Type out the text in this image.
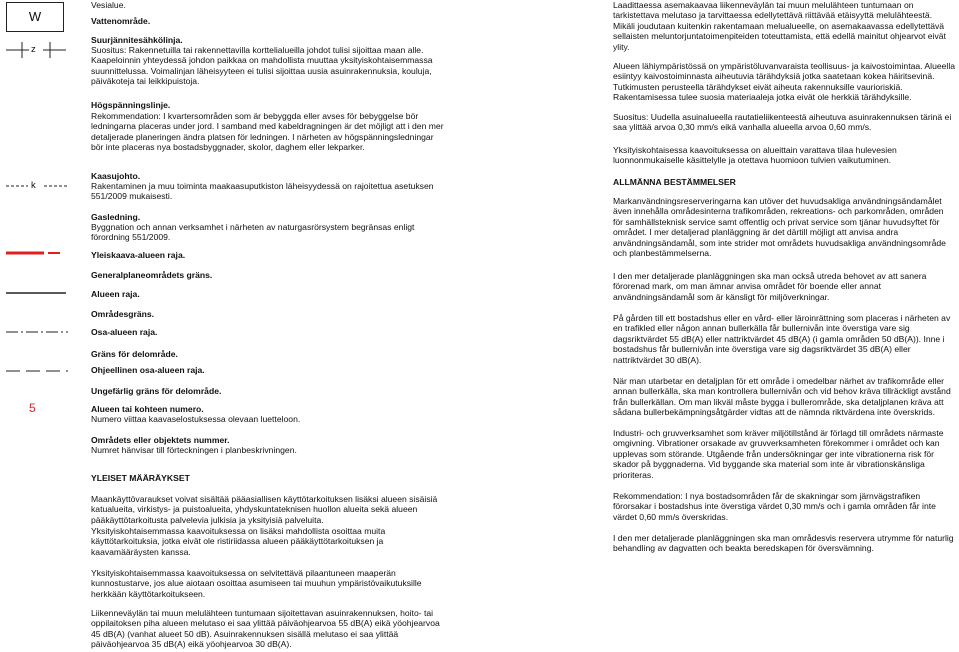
W
z
k
5

Vesialue.

Vattenområde.

Suurjännitesähkölinja.

Suositus: Rakennetuilla tai rakennettavilla korttelialueilla johdot tulisi sijoittaa maan alle. Kaapeloinnin yhteydessä johdon paikkaa on mahdollista muuttaa yksityiskohtaisemmassa suunnittelussa. Voimalinjan läheisyyteen ei tulisi sijoittaa uusia asuinrakennuksia, kouluja, päiväkoteja tai leikkipuistoja.

Högspänningslinje.

Rekommendation: I kvartersområden som är bebyggda eller avses för bebyggelse bör ledningarna placeras under jord. I samband med kabeldragningen är det möjligt att i den mer detaljerade planeringen ändra platsen för ledningen. I närheten av högspänningsledningar bör inte placeras nya bostadsbyggnader, skolor, daghem eller lekparker.

Kaasujohto.

Rakentaminen ja muu toiminta maakaasuputkiston läheisyydessä on rajoitettua asetuksen 551/2009 mukaisesti.

Gasledning.

Byggnation och annan verksamhet i närheten av naturgasrörsystem begränsas enligt förordning 551/2009.

Yleiskaava-alueen raja.

Generalplaneområdets gräns.

Alueen raja.

Områdesgräns.

Osa-alueen raja.

Gräns för delområde.

Ohjeellinen osa-alueen raja.

Ungefärlig gräns för delområde.

Alueen tai kohteen numero.

Numero viittaa kaavaselostuksessa olevaan luetteloon.

Områdets eller objektets nummer.

Numret hänvisar till förteckningen i planbeskrivningen.

YLEISET MÄÄRÄYKSET

Maankäyttövaraukset voivat sisältää pääasiallisen käyttötarkoituksen lisäksi alueen sisäisiä katualueita, virkistys- ja puistoalueita, yhdyskuntateknisen huollon alueita sekä alueen pääkäyttötarkoitusta palvelevia julkisia ja yksityisiä palveluita.

Yksityiskohtaisemmassa kaavoituksessa on lisäksi mahdollista osoittaa muita käyttötarkoituksia, jotka eivät ole ristiriidassa alueen pääkäyttötarkoituksen ja kaavamääräysten kanssa.

Yksityiskohtaisemmassa kaavoituksessa on selvitettävä pilaantuneen maaperän kunnostustarve, jos alue aiotaan osoittaa asumiseen tai muuhun ympäristövaikutuksille herkkään käyttötarkoitukseen.

Liikenneväylän tai muun melulähteen tuntumaan sijoitettavan asuinrakennuksen, hoito- tai oppilaitoksen piha alueen melutaso ei saa ylittää päiväohjearvoa 55 dB(A) eikä yöohjearvoa 45 dB(A) (vanhat alueet 50 dB). Asuinrakennuksen sisällä melutaso ei saa ylittää päiväohjearvoa 35 dB(A) eikä yöohjearvoa 30 dB(A).

Laadittaessa asemakaavaa liikenneväylän tai muun melulähteen tuntumaan on tarkistettava melutaso ja tarvittaessa edellytettävä riittävää etäisyyttä melulähteestä. Mikäli joudutaan kuitenkin rakentamaan melualueelle, on asemakaavassa edellytettävä sellaisten meluntorjuntatoimenpiteiden toteuttamista, että edellä mainitut ohjearvot eivät ylity.

Alueen lähiympäristössä on ympäristöluvanvaraista teollisuus- ja kaivostoimintaa. Alueella esiintyy kaivostoiminnasta aiheutuvia tärähdyksiä jotka saatetaan kokea häiritsevinä. Tutkimusten perusteella tärähdykset eivät aiheuta rakennuksille vaurioriskiä. Rakentamisessa tulee suosia materiaaleja jotka eivät ole herkkiä tärähdyksille.

Suositus: Uudella asuinalueella rautatieliikenteestä aiheutuva asuinrakennuksen tärinä ei saa ylittää arvoa 0,30 mm/s eikä vanhalla alueella arvoa 0,60 mm/s.

Yksityiskohtaisessa kaavoituksessa on alueittain varattava tilaa hulevesien luonnonmukaiselle käsittelylle ja otettava huomioon tulvien vaikutuminen.

ALLMÄNNA BESTÄMMELSER

Markanvändningsreserveringarna kan utöver det huvudsakliga användningsändamålet även innehålla områdesinterna trafikområden, rekreations- och parkområden, områden för samhällsteknisk service samt offentlig och privat service som tjänar huvudsyftet för området. I mer detaljerad planläggning är det därtill möjligt att anvisa andra användningsändamål, som inte strider mot områdets huvudsakliga användningsområde och planbestämmelserna.

I den mer detaljerade planläggningen ska man också utreda behovet av att sanera förorenad mark, om man ämnar anvisa området för boende eller annat användningsändamål som är känsligt för miljöverkningar.

På gården till ett bostadshus eller en vård- eller läroinrättning som placeras i närheten av en trafikled eller någon annan bullerkälla får bullernivån inte överstiga vare sig dagsriktvärdet 55 dB(A) eller nattriktvärdet 45 dB(A) (i gamla områden 50 dB(A)). Inne i bostadshus får bullernivån inte överstiga vare sig dagsriktvärdet 35 dB(A) eller nattriktvärdet 30 dB(A).

När man utarbetar en detaljplan för ett område i omedelbar närhet av trafikområde eller annan bullerkälla, ska man kontrollera bullernivån och vid behov kräva tillräckligt avstånd från bullerkällan. Om man likväl måste bygga i bullerområde, ska detaljplanen kräva att sådana bullerbekämpningsåtgärder vidtas att de nämnda riktvärdena inte överskrids.

Industri- och gruvverksamhet som kräver miljötillstånd är förlagd till områdets närmaste omgivning. Vibrationer orsakade av gruvverksamheten förekommer i området och kan upplevas som störande. Utgående från undersökningar ger inte vibrationerna risk för skador på byggnaderna. Vid byggande ska material som inte är vibrationskänsliga prioriteras.

Rekommendation: I nya bostadsområden får de skakningar som järnvägstrafiken förorsakar i bostadshus inte överstiga värdet 0,30 mm/s och i gamla områden får inte värdet 0,60 mm/s överskridas.

I den mer detaljerade planläggningen ska man områdesvis reservera utrymme för naturlig behandling av dagvatten och beakta beredskapen för översvämning.
